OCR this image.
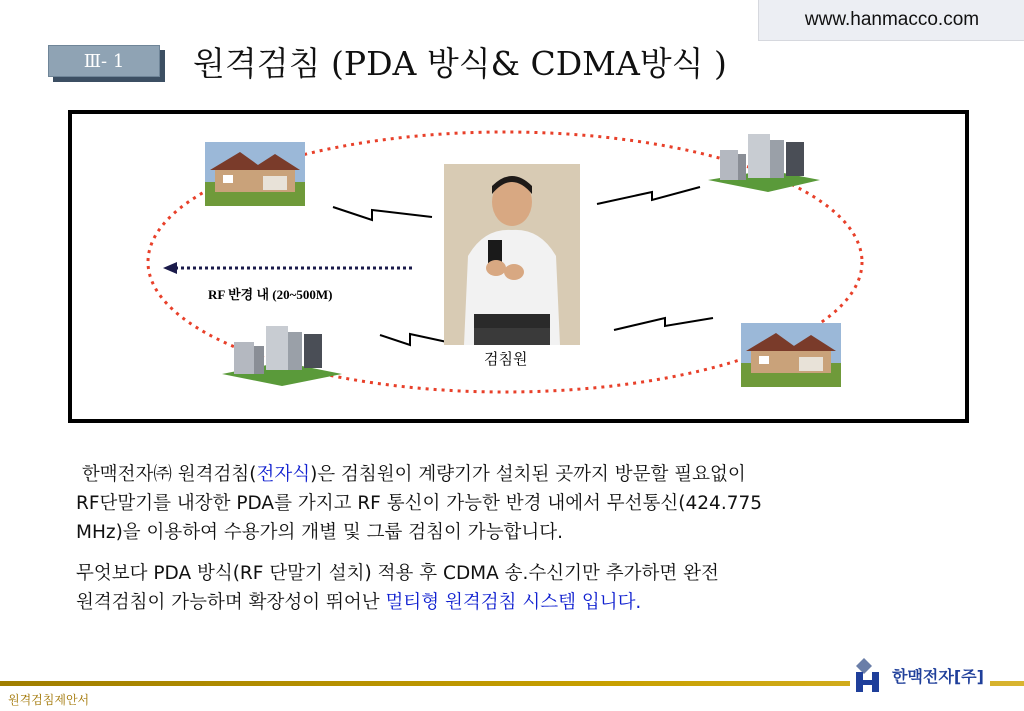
www.hanmacco.com
Ⅲ- 1	원격검침 (PDA 방식& CDMA방식 )
RF 반경 내 (20~500M)
검침원
한맥전자㈜ 원격검침(전자식)은 검침원이 계량기가 설치된 곳까지 방문할 필요없이
RF단말기를 내장한 PDA를 가지고 RF 통신이 가능한 반경 내에서 무선통신(424.775
MHz)을 이용하여 수용가의 개별 및 그룹 검침이 가능합니다.
무엇보다 PDA 방식(RF 단말기 설치) 적용 후 CDMA 송.수신기만 추가하면 완전
원격검침이 가능하며 확장성이 뛰어난 멀티형 원격검침 시스템 입니다.
원격검침제안서
한맥전자[주]
